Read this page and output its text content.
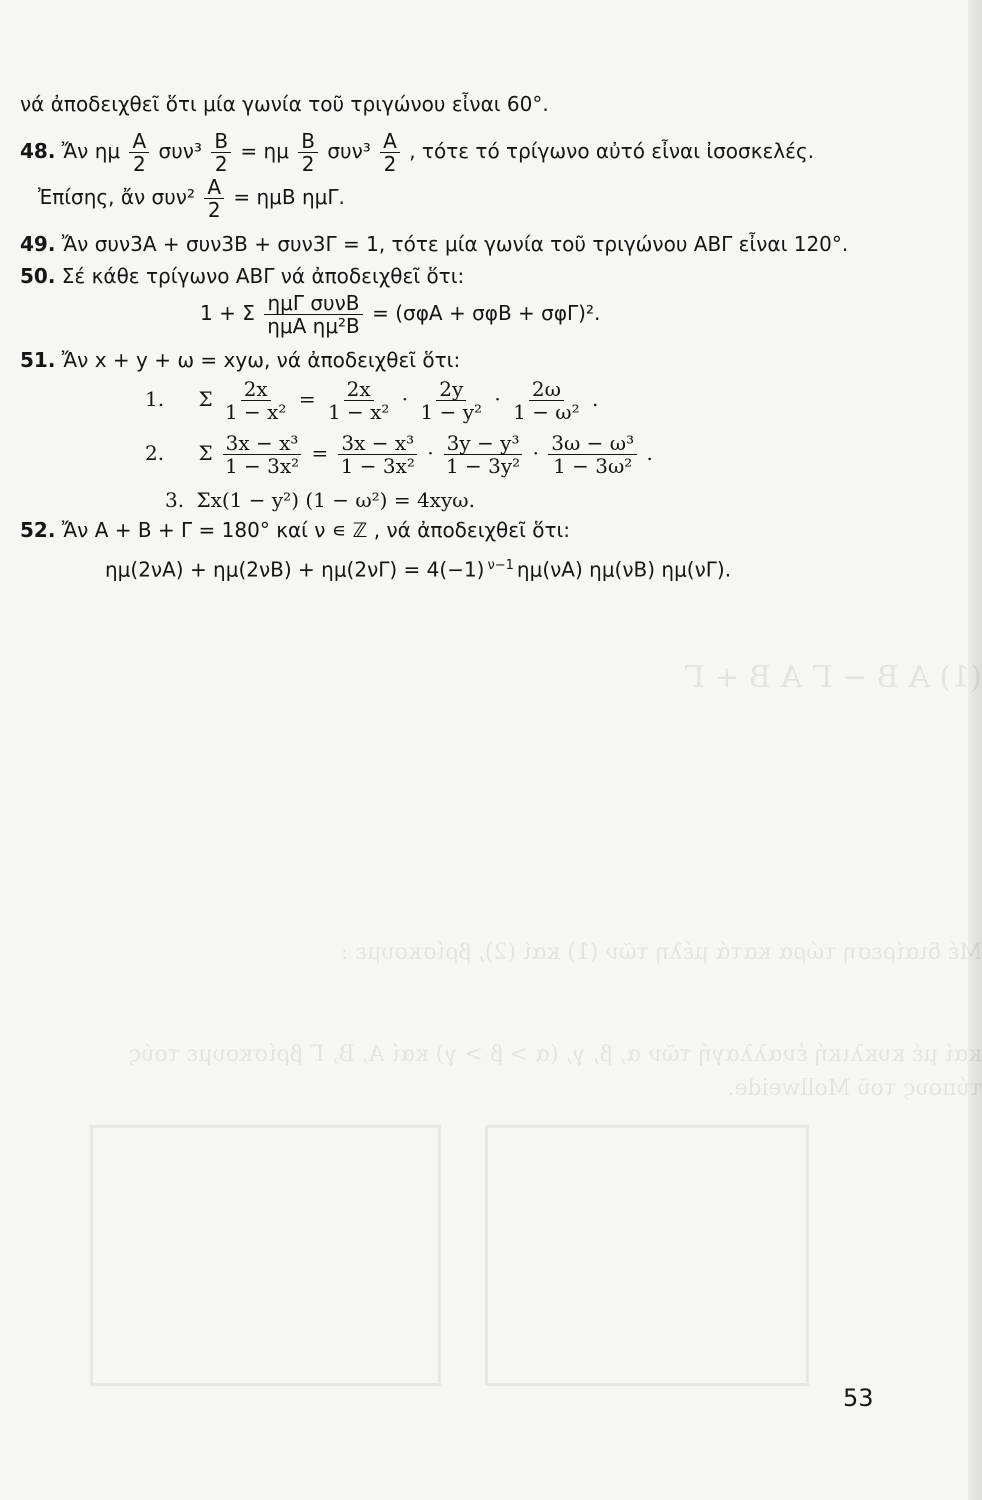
(1) A B − Γ A B + Γ
Μέ διαίρεση τώρα κατά μέλη τῶν (1) καί (2), βρίσκουμε :
καί μέ κυκλική ἐναλλαγή τῶν α, β, γ, (α > β > γ) καί A, B, Γ βρίσκουμε τούς
τύπους τοῦ Mollweide.
νά ἀποδειχθεῖ ὅτι μία γωνία τοῦ τριγώνου εἶναι 60°.
48. Ἄν ημ $\frac{A}{2} \sigma\upsilon\nu^3 \frac{B}{2} = \eta\mu \frac{B}{2} \sigma\upsilon\nu^3 \frac{A}{2}$ , τότε τό τρίγωνο αὐτό εἶναι ἰσοσκελές.
Ἐπίσης, ἄν $\sigma\upsilon\nu^2 \frac{A}{2} = \eta\mu B$ ημΓ.
49. Ἄν συν3A + συν3B + συν3Γ = 1, τότε μία γωνία τοῦ τριγώνου ABΓ εἶναι 120°.
50. Σέ κάθε τρίγωνο ABΓ νά ἀποδειχθεῖ ὅτι:
1 + Σ $\frac{\text{ημΓ συνB}}{\text{ημA ημ²B}} = (\sigma\varphi A + \sigma\varphi B + \sigma\varphi\Gamma)^2$.
51. Ἄν x + y + ω = xyω, νά ἀποδειχθεῖ ὅτι:
1. Σ $\frac{2x}{\text{1 − x²}} = \frac{2x}{\text{1 − x²}} \cdot \frac{2y}{\text{1 − y²}} \cdot \frac{2\omega}{\text{1 − ω²}}$ .
2. Σ $\frac{\text{3x − x³}}{\text{1 − 3x²}} = \frac{\text{3x − x³}}{\text{1 − 3x²}} \cdot \frac{\text{3y − y³}}{\text{1 − 3y²}} \cdot \frac{\text{3ω − ω³}}{\text{1 − 3ω²}}$ .
3. Σx(1 − y²) (1 − ω²) = 4xyω.
52. Ἄν A + B + Γ = 180° καί ν ∊ ℤ , νά ἀποδειχθεῖ ὅτι:
ημ(2νA) + ημ(2νB) + ημ(2νΓ) = 4(−1) $^{\nu-1}$ ημ(νA) ημ(νB) ημ(νΓ).
53
